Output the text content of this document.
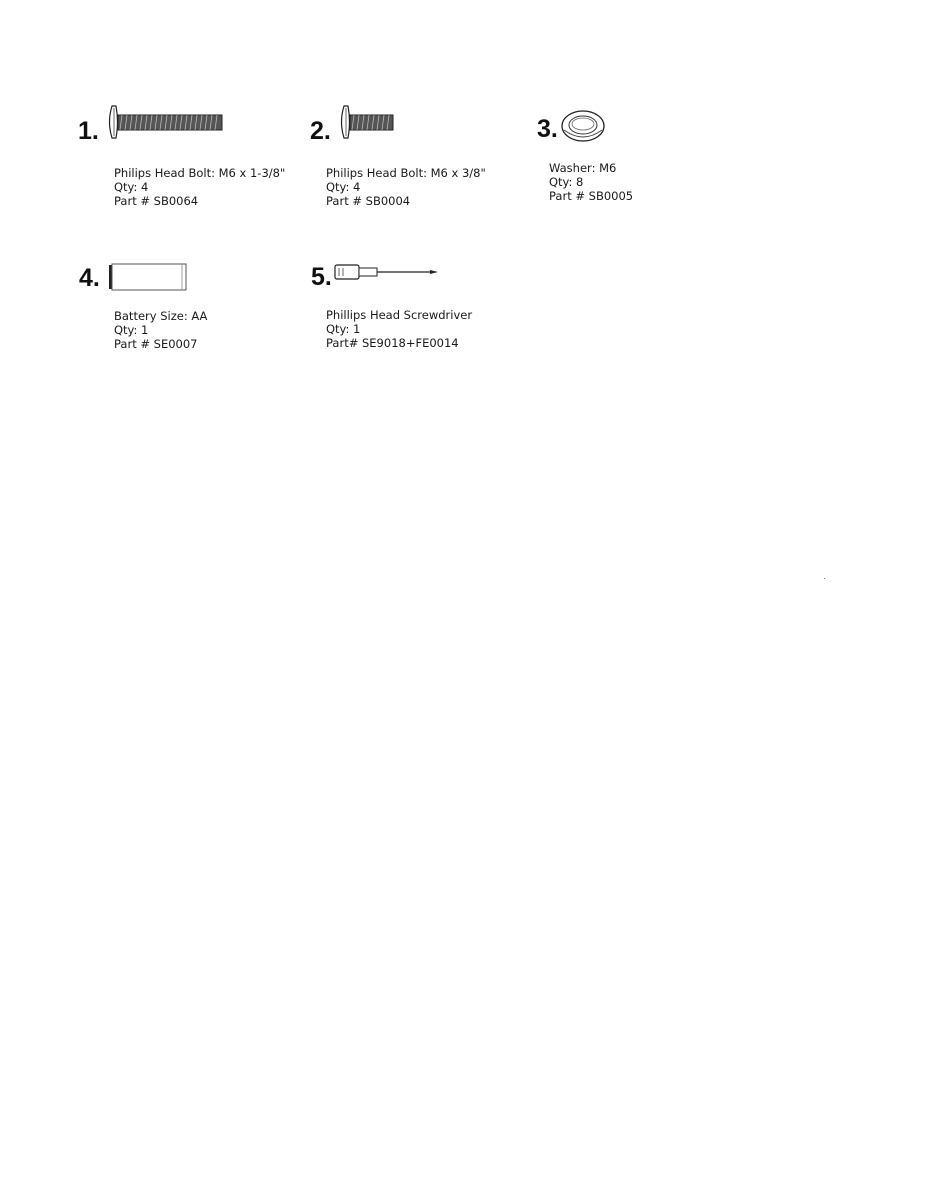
1.
Philips Head Bolt: M6 x 1-3/8"
Qty: 4
Part # SB0064
2.
Philips Head Bolt: M6 x 3/8"
Qty: 4
Part # SB0004
3.
Washer: M6
Qty: 8
Part # SB0005
4.
Battery Size: AA
Qty: 1
Part # SE0007
5.
Phillips Head Screwdriver
Qty: 1
Part# SE9018+FE0014
